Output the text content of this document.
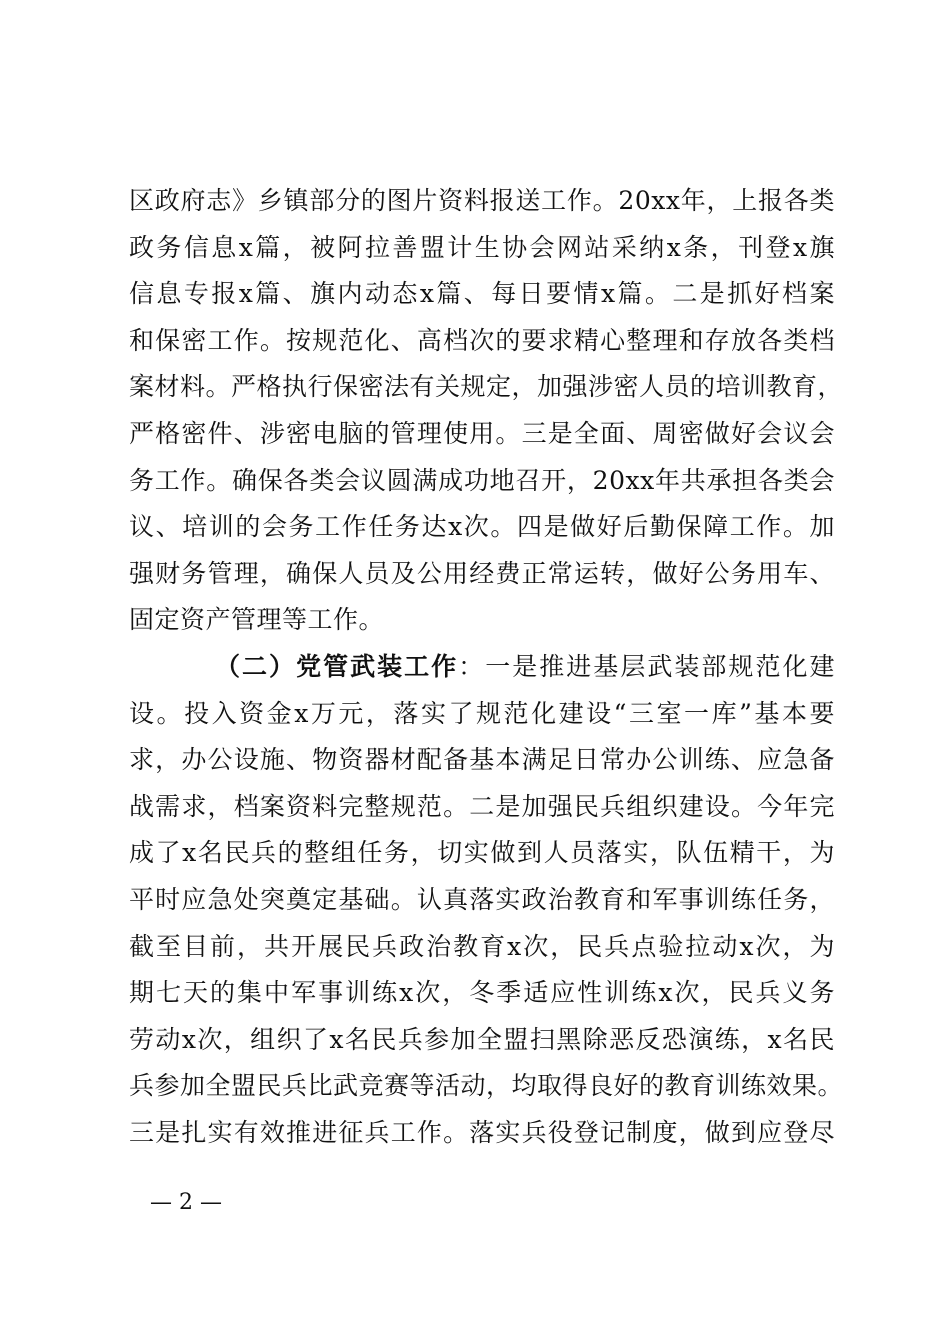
区政府志》乡镇部分的图片资料报送工作。20xx年，上报各类
政务信息x篇，被阿拉善盟计生协会网站采纳x条，刊登x旗
信息专报x篇、旗内动态x篇、每日要情x篇。二是抓好档案
和保密工作。按规范化、高档次的要求精心整理和存放各类档
案材料。严格执行保密法有关规定，加强涉密人员的培训教育，
严格密件、涉密电脑的管理使用。三是全面、周密做好会议会
务工作。确保各类会议圆满成功地召开，20xx年共承担各类会
议、培训的会务工作任务达x次。四是做好后勤保障工作。加
强财务管理，确保人员及公用经费正常运转，做好公务用车、
固定资产管理等工作。
（二）党管武装工作：一是推进基层武装部规范化建
设。投入资金x万元，落实了规范化建设“三室一库”基本要
求，办公设施、物资器材配备基本满足日常办公训练、应急备
战需求，档案资料完整规范。二是加强民兵组织建设。今年完
成了x名民兵的整组任务，切实做到人员落实，队伍精干，为
平时应急处突奠定基础。认真落实政治教育和军事训练任务，
截至目前，共开展民兵政治教育x次，民兵点验拉动x次，为
期七天的集中军事训练x次，冬季适应性训练x次，民兵义务
劳动x次，组织了x名民兵参加全盟扫黑除恶反恐演练，x名民
兵参加全盟民兵比武竞赛等活动，均取得良好的教育训练效果。
三是扎实有效推进征兵工作。落实兵役登记制度，做到应登尽
— 2 —
